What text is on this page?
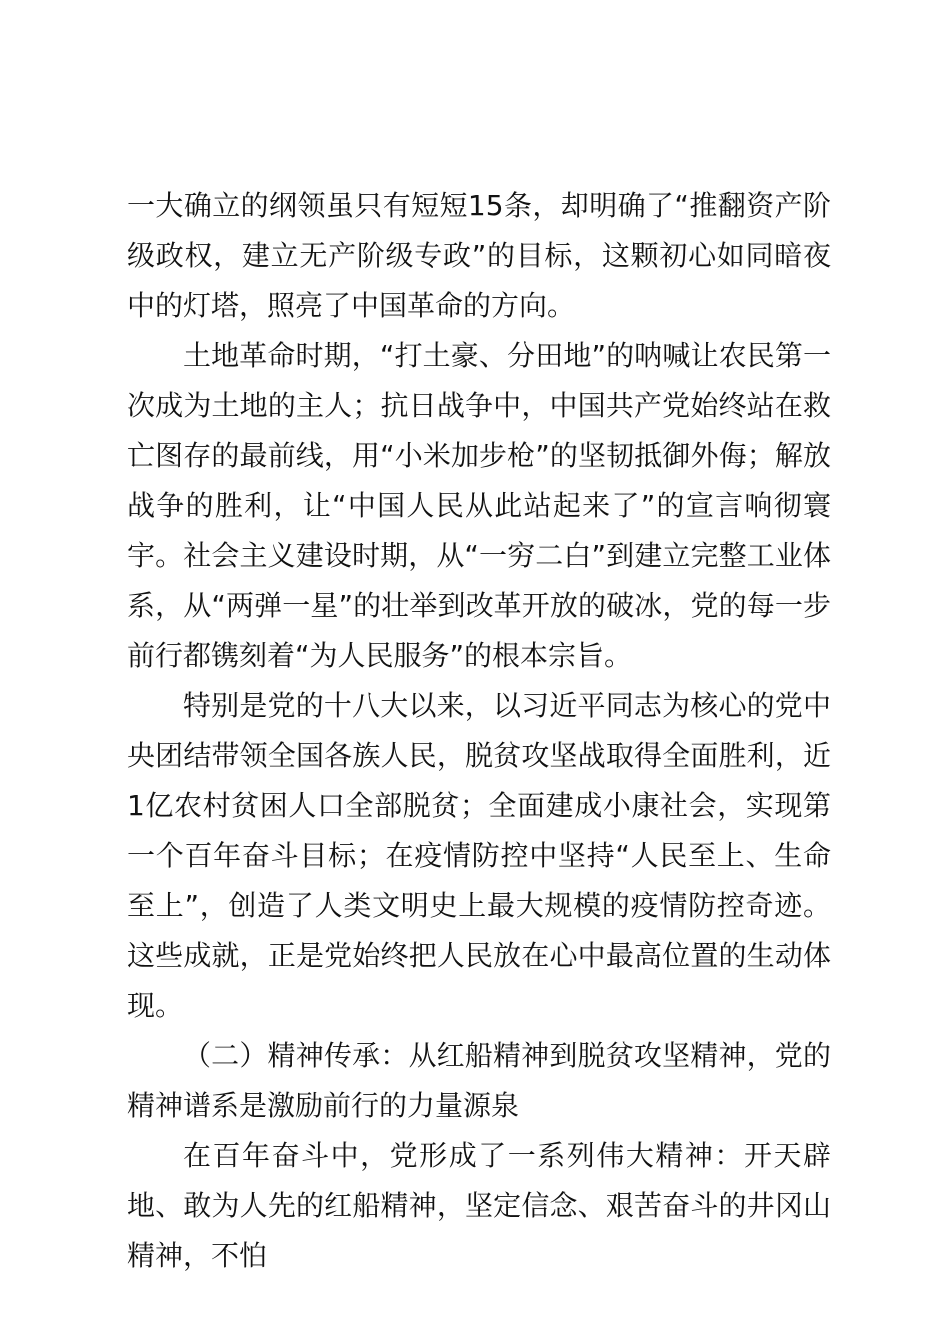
一大确立的纲领虽只有短短15条，却明确了“推翻资产阶级政权，建立无产阶级专政”的目标，这颗初心如同暗夜中的灯塔，照亮了中国革命的方向。

土地革命时期，“打土豪、分田地”的呐喊让农民第一次成为土地的主人；抗日战争中，中国共产党始终站在救亡图存的最前线，用“小米加步枪”的坚韧抵御外侮；解放战争的胜利，让“中国人民从此站起来了”的宣言响彻寰宇。社会主义建设时期，从“一穷二白”到建立完整工业体系，从“两弹一星”的壮举到改革开放的破冰，党的每一步前行都镌刻着“为人民服务”的根本宗旨。

特别是党的十八大以来，以习近平同志为核心的党中央团结带领全国各族人民，脱贫攻坚战取得全面胜利，近1亿农村贫困人口全部脱贫；全面建成小康社会，实现第一个百年奋斗目标；在疫情防控中坚持“人民至上、生命至上”，创造了人类文明史上最大规模的疫情防控奇迹。这些成就，正是党始终把人民放在心中最高位置的生动体现。

（二）精神传承：从红船精神到脱贫攻坚精神，党的精神谱系是激励前行的力量源泉

在百年奋斗中，党形成了一系列伟大精神：开天辟地、敢为人先的红船精神，坚定信念、艰苦奋斗的井冈山精神，不怕
